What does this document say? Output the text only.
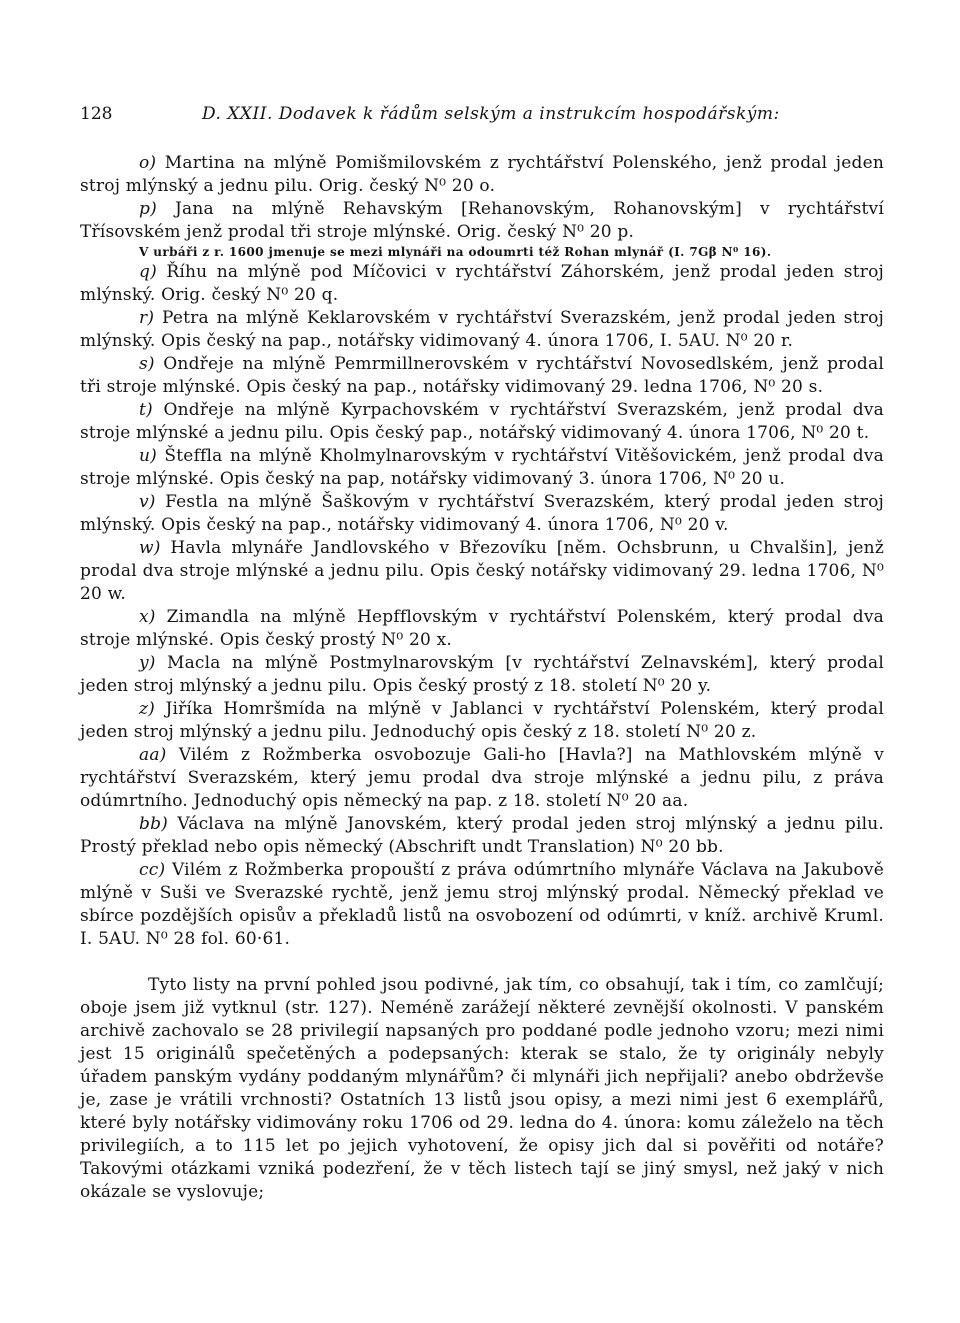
128	D. XXII. Dodavek k řádům selským a instrukcím hospodářským:

o) Martina na mlýně Pomišmilovském z rychtářství Polenského, jenž prodal jeden stroj mlýnský a jednu pilu. Orig. český N⁰ 20 o.

p) Jana na mlýně Rehavským [Rehanovským, Rohanovským] v rychtářství Třísovském jenž prodal tři stroje mlýnské. Orig. český N⁰ 20 p.

V urbáři z r. 1600 jmenuje se mezi mlynáři na odoumrti též Rohan mlynář (I. 7Gβ N⁰ 16).

q) Říhu na mlýně pod Míčovici v rychtářství Záhorském, jenž prodal jeden stroj mlýnský. Orig. český N⁰ 20 q.

r) Petra na mlýně Keklarovském v rychtářství Sverazském, jenž prodal jeden stroj mlýnský. Opis český na pap., notářsky vidimovaný 4. února 1706, I. 5AU. N⁰ 20 r.

s) Ondřeje na mlýně Pemrmillnerovském v rychtářství Novosedlském, jenž prodal tři stroje mlýnské. Opis český na pap., notářsky vidimovaný 29. ledna 1706, N⁰ 20 s.

t) Ondřeje na mlýně Kyrpachovském v rychtářství Sverazském, jenž prodal dva stroje mlýnské a jednu pilu. Opis český pap., notářský vidimovaný 4. února 1706, N⁰ 20 t.

u) Šteffla na mlýně Kholmylnarovským v rychtářství Vitěšovickém, jenž prodal dva stroje mlýnské. Opis český na pap, notářsky vidimovaný 3. února 1706, N⁰ 20 u.

v) Festla na mlýně Šaškovým v rychtářství Sverazském, který prodal jeden stroj mlýnský. Opis český na pap., notářsky vidimovaný 4. února 1706, N⁰ 20 v.

w) Havla mlynáře Jandlovského v Březovíku [něm. Ochsbrunn, u Chvalšin], jenž prodal dva stroje mlýnské a jednu pilu. Opis český notářsky vidimovaný 29. ledna 1706, N⁰ 20 w.

x) Zimandla na mlýně Hepfflovským v rychtářství Polenském, který prodal dva stroje mlýnské. Opis český prostý N⁰ 20 x.

y) Macla na mlýně Postmylnarovským [v rychtářství Zelnavském], který prodal jeden stroj mlýnský a jednu pilu. Opis český prostý z 18. století N⁰ 20 y.

z) Jiříka Homršmída na mlýně v Jablanci v rychtářství Polenském, který prodal jeden stroj mlýnský a jednu pilu. Jednoduchý opis český z 18. století N⁰ 20 z.

aa) Vilém z Rožmberka osvobozuje Gali-ho [Havla?] na Mathlovském mlýně v rychtářství Sverazském, který jemu prodal dva stroje mlýnské a jednu pilu, z práva odúmrtního. Jednoduchý opis německý na pap. z 18. století N⁰ 20 aa.

bb) Václava na mlýně Janovském, který prodal jeden stroj mlýnský a jednu pilu. Prostý překlad nebo opis německý (Abschrift undt Translation) N⁰ 20 bb.

cc) Vilém z Rožmberka propouští z práva odúmrtního mlynáře Václava na Jakubově mlýně v Suši ve Sverazské rychtě, jenž jemu stroj mlýnský prodal. Německý překlad ve sbírce pozdějších opisův a překladů listů na osvobození od odúmrti, v kníž. archivě Kruml. I. 5AU. N⁰ 28 fol. 60·61.

Tyto listy na první pohled jsou podivné, jak tím, co obsahují, tak i tím, co zamlčují; oboje jsem již vytknul (str. 127). Neméně zarážejí některé zevnější okolnosti. V panském archivě zachovalo se 28 privilegií napsaných pro poddané podle jednoho vzoru; mezi nimi jest 15 originálů spečetěných a podepsaných: kterak se stalo, že ty originály nebyly úřadem panským vydány poddaným mlynářům? či mlynáři jich nepřijali? anebo obdrževše je, zase je vrátili vrchnosti? Ostatních 13 listů jsou opisy, a mezi nimi jest 6 exemplářů, které byly notářsky vidimovány roku 1706 od 29. ledna do 4. února: komu záleželo na těch privilegiích, a to 115 let po jejich vyhotovení, že opisy jich dal si pověřiti od notáře? Takovými otázkami vzniká podezření, že v těch listech tají se jiný smysl, než jaký v nich okázale se vyslovuje;
